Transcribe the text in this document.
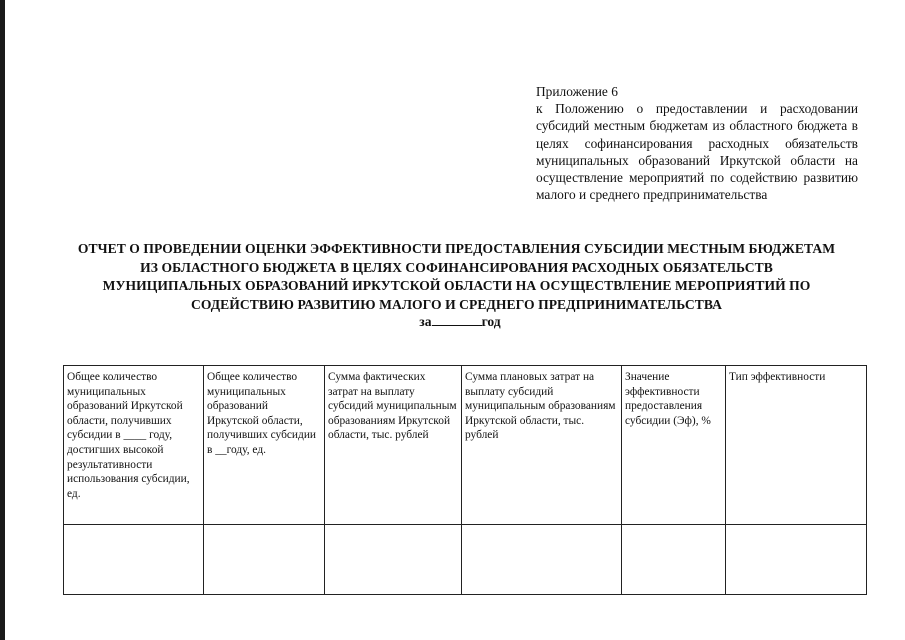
Приложение 6
к Положению о предоставлении и расходовании субсидий местным бюджетам из областного бюджета в целях софинансирования расходных обязательств муниципальных образований Иркутской области на осуществление мероприятий по содействию развитию малого и среднего предпринимательства
ОТЧЕТ О ПРОВЕДЕНИИ ОЦЕНКИ ЭФФЕКТИВНОСТИ ПРЕДОСТАВЛЕНИЯ СУБСИДИИ МЕСТНЫМ БЮДЖЕТАМ ИЗ ОБЛАСТНОГО БЮДЖЕТА В ЦЕЛЯХ СОФИНАНСИРОВАНИЯ РАСХОДНЫХ ОБЯЗАТЕЛЬСТВ МУНИЦИПАЛЬНЫХ ОБРАЗОВАНИЙ ИРКУТСКОЙ ОБЛАСТИ НА ОСУЩЕСТВЛЕНИЕ МЕРОПРИЯТИЙ ПО СОДЕЙСТВИЮ РАЗВИТИЮ МАЛОГО И СРЕДНЕГО ПРЕДПРИНИМАТЕЛЬСТВА
за	год
Общее количество муниципальных образований Иркутской области, получивших субсидии в ____ году, достигших высокой результативности использования субсидии, ед.	Общее количество муниципальных образований Иркутской области, получивших субсидии в __году, ед.	Сумма фактических затрат на выплату субсидий муниципальным образованиям Иркутской области, тыс. рублей	Сумма плановых затрат на выплату субсидий муниципальным образованиям Иркутской области, тыс. рублей	Значение эффективности предоставления субсидии (Эф), %	Тип эффективности
